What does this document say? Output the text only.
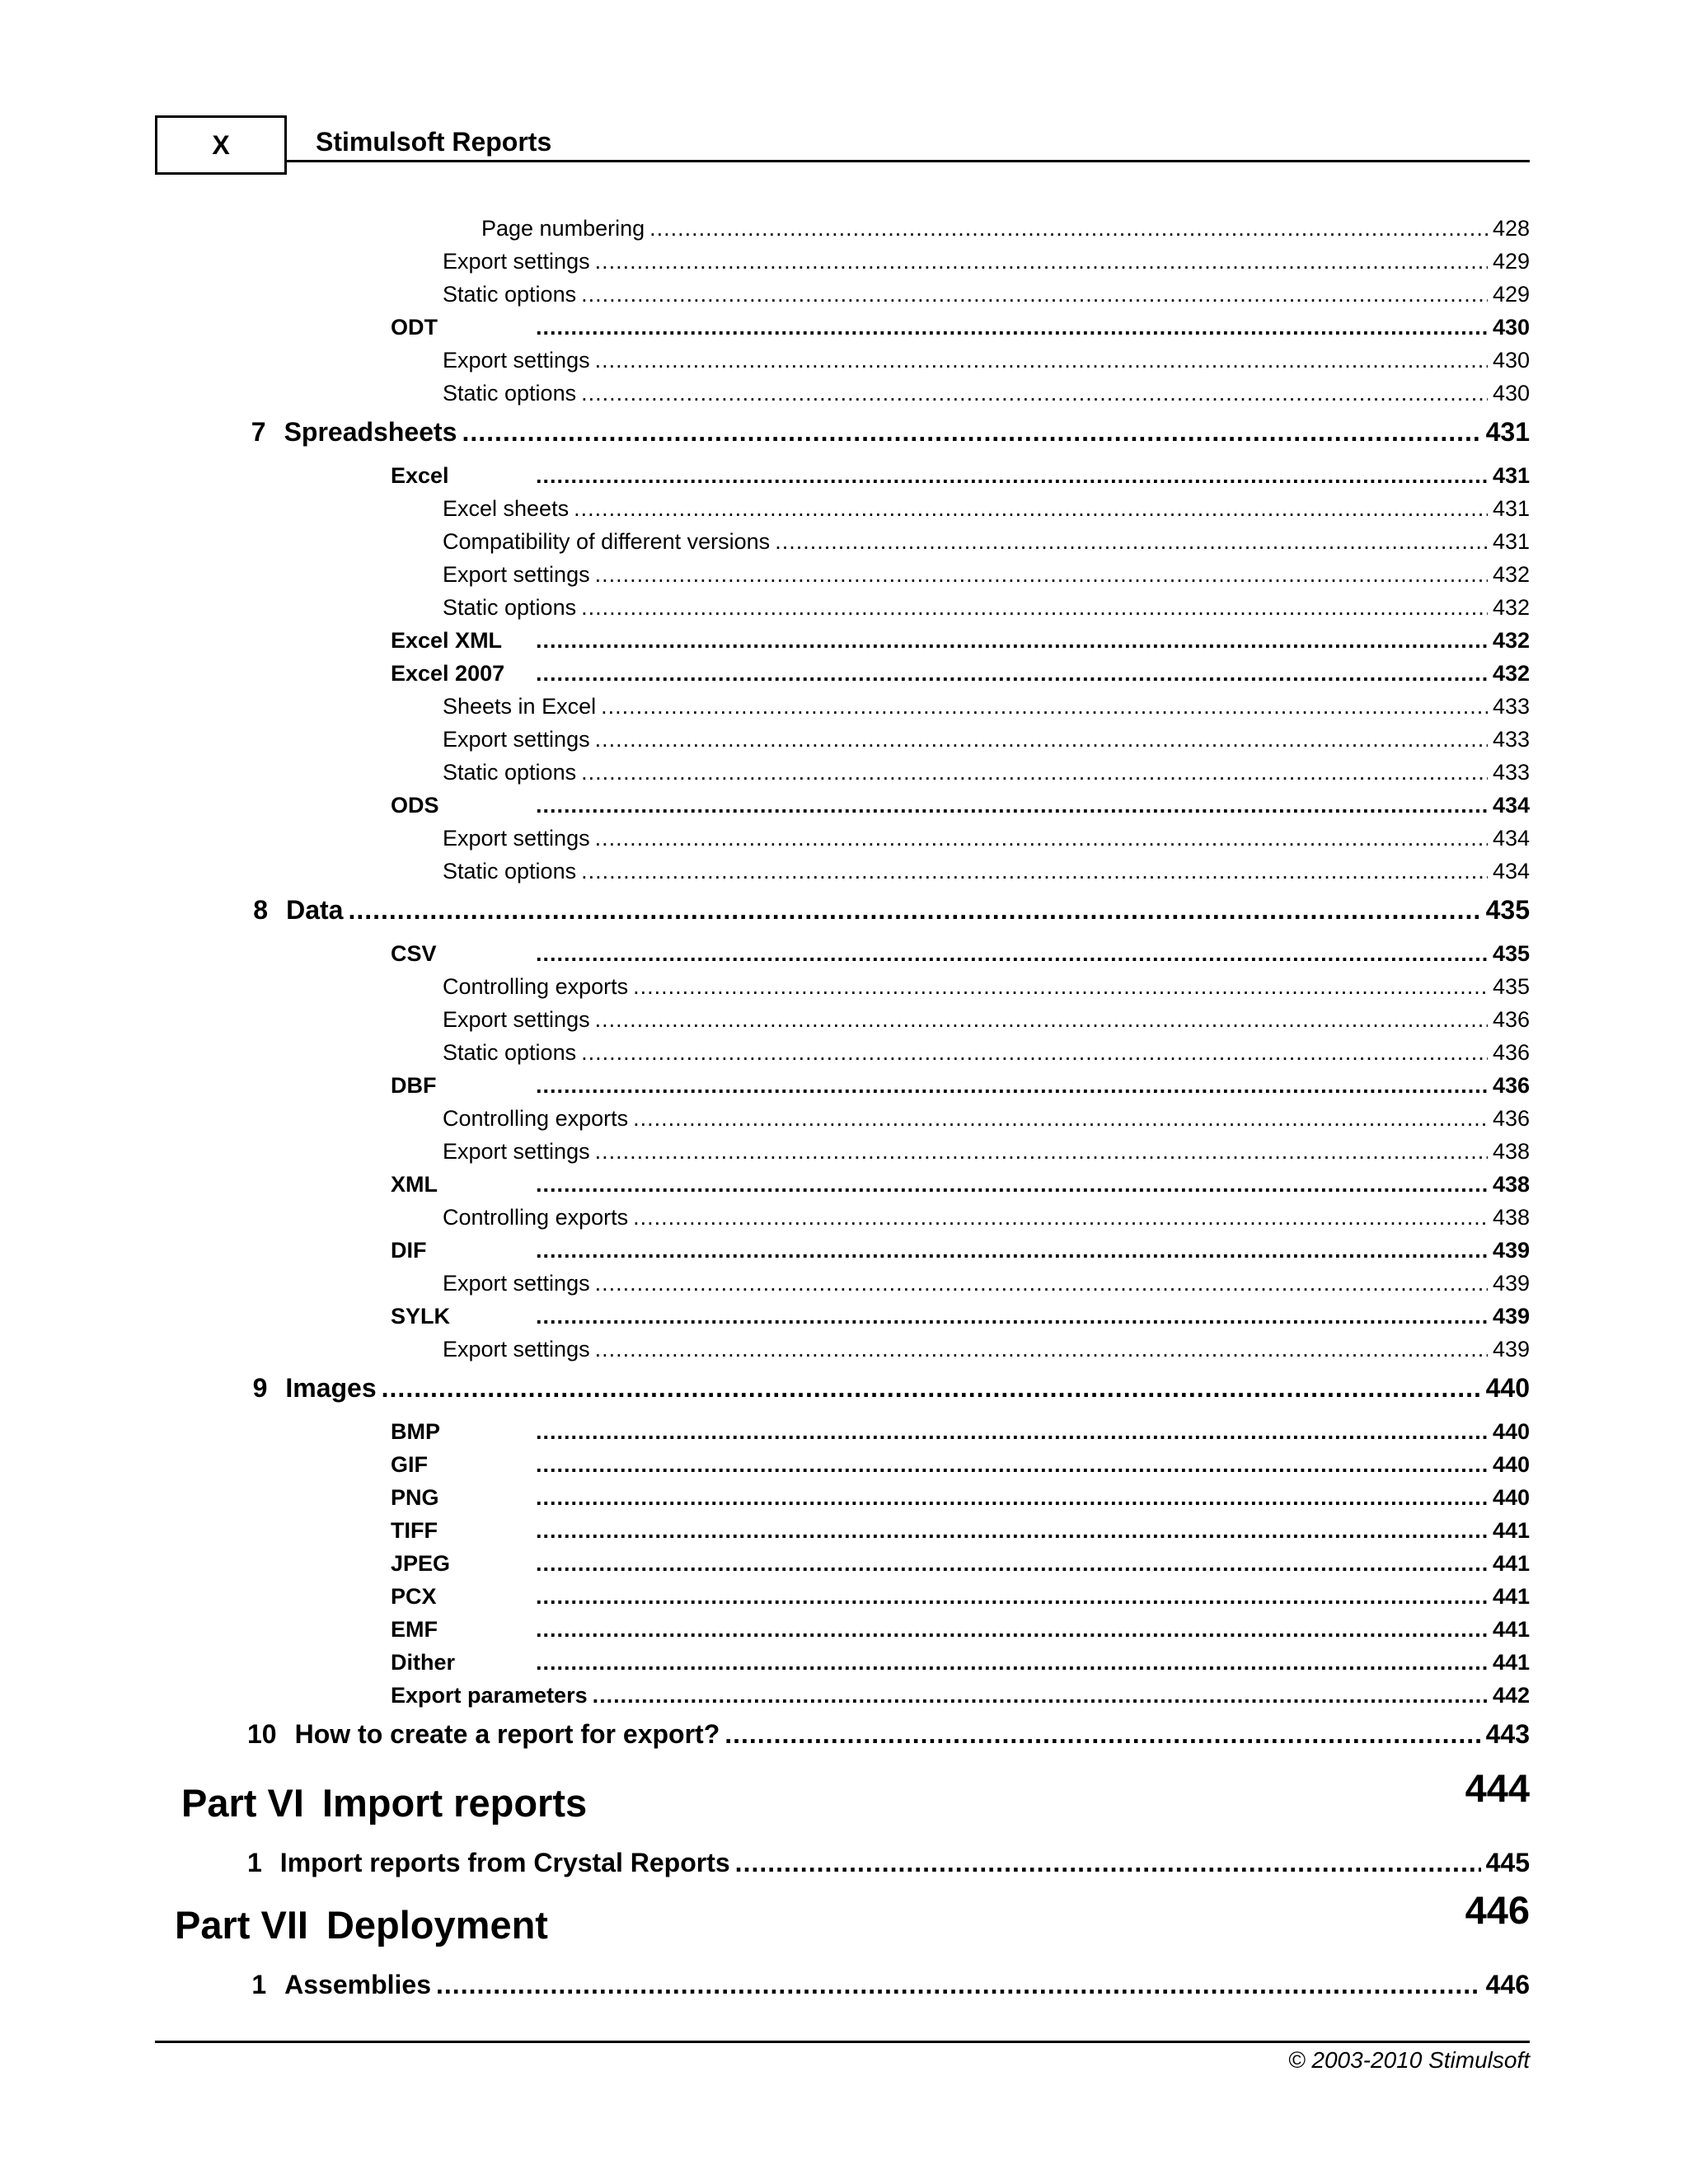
X	Stimulsoft Reports
Page numbering .....	428
Export settings .....	429
Static options .....	429
ODT .....	430
Export settings .....	430
Static options .....	430
7 Spreadsheets .....	431
Excel .....	431
Excel sheets .....	431
Compatibility of different versions .....	431
Export settings .....	432
Static options .....	432
Excel XML .....	432
Excel 2007 .....	432
Sheets in Excel .....	433
Export settings .....	433
Static options .....	433
ODS .....	434
Export settings .....	434
Static options .....	434
8 Data .....	435
CSV .....	435
Controlling exports .....	435
Export settings .....	436
Static options .....	436
DBF .....	436
Controlling exports .....	436
Export settings .....	438
XML .....	438
Controlling exports .....	438
DIF .....	439
Export settings .....	439
SYLK .....	439
Export settings .....	439
9 Images .....	440
BMP .....	440
GIF .....	440
PNG .....	440
TIFF .....	441
JPEG .....	441
PCX .....	441
EMF .....	441
Dither .....	441
Export parameters .....	442
10 How to create a report for export? .....	443
Part VI Import reports	444
1 Import reports from Crystal Reports .....	445
Part VII Deployment	446
1 Assemblies .....	446
© 2003-2010 Stimulsoft
